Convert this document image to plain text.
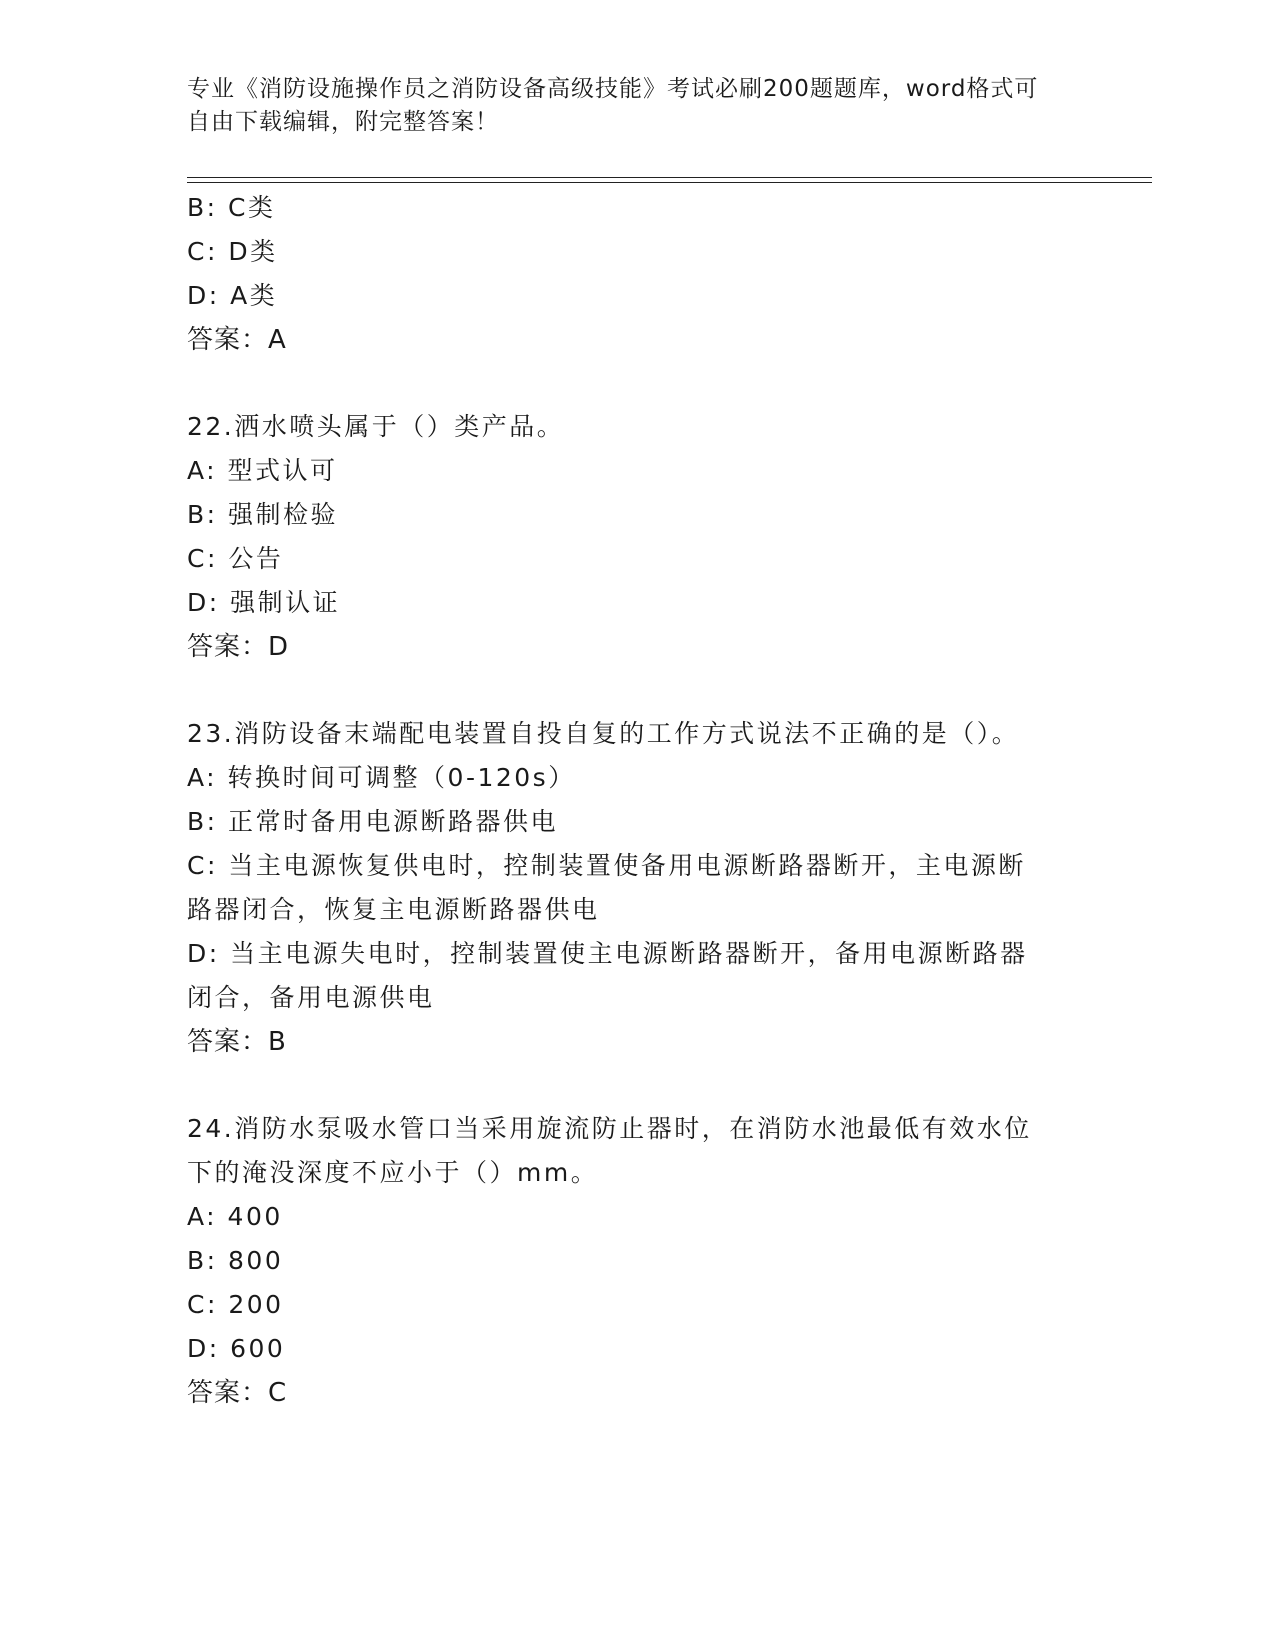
专业《消防设施操作员之消防设备高级技能》考试必刷200题题库，word格式可
自由下载编辑，附完整答案！
B: C类
C: D类
D: A类
答案：A
22.洒水喷头属于（）类产品。
A: 型式认可
B: 强制检验
C: 公告
D: 强制认证
答案：D
23.消防设备末端配电装置自投自复的工作方式说法不正确的是（）。
A: 转换时间可调整（0-120s）
B: 正常时备用电源断路器供电
C: 当主电源恢复供电时，控制装置使备用电源断路器断开，主电源断
路器闭合，恢复主电源断路器供电
D: 当主电源失电时，控制装置使主电源断路器断开，备用电源断路器
闭合，备用电源供电
答案：B
24.消防水泵吸水管口当采用旋流防止器时，在消防水池最低有效水位
下的淹没深度不应小于（）mm。
A: 400
B: 800
C: 200
D: 600
答案：C
